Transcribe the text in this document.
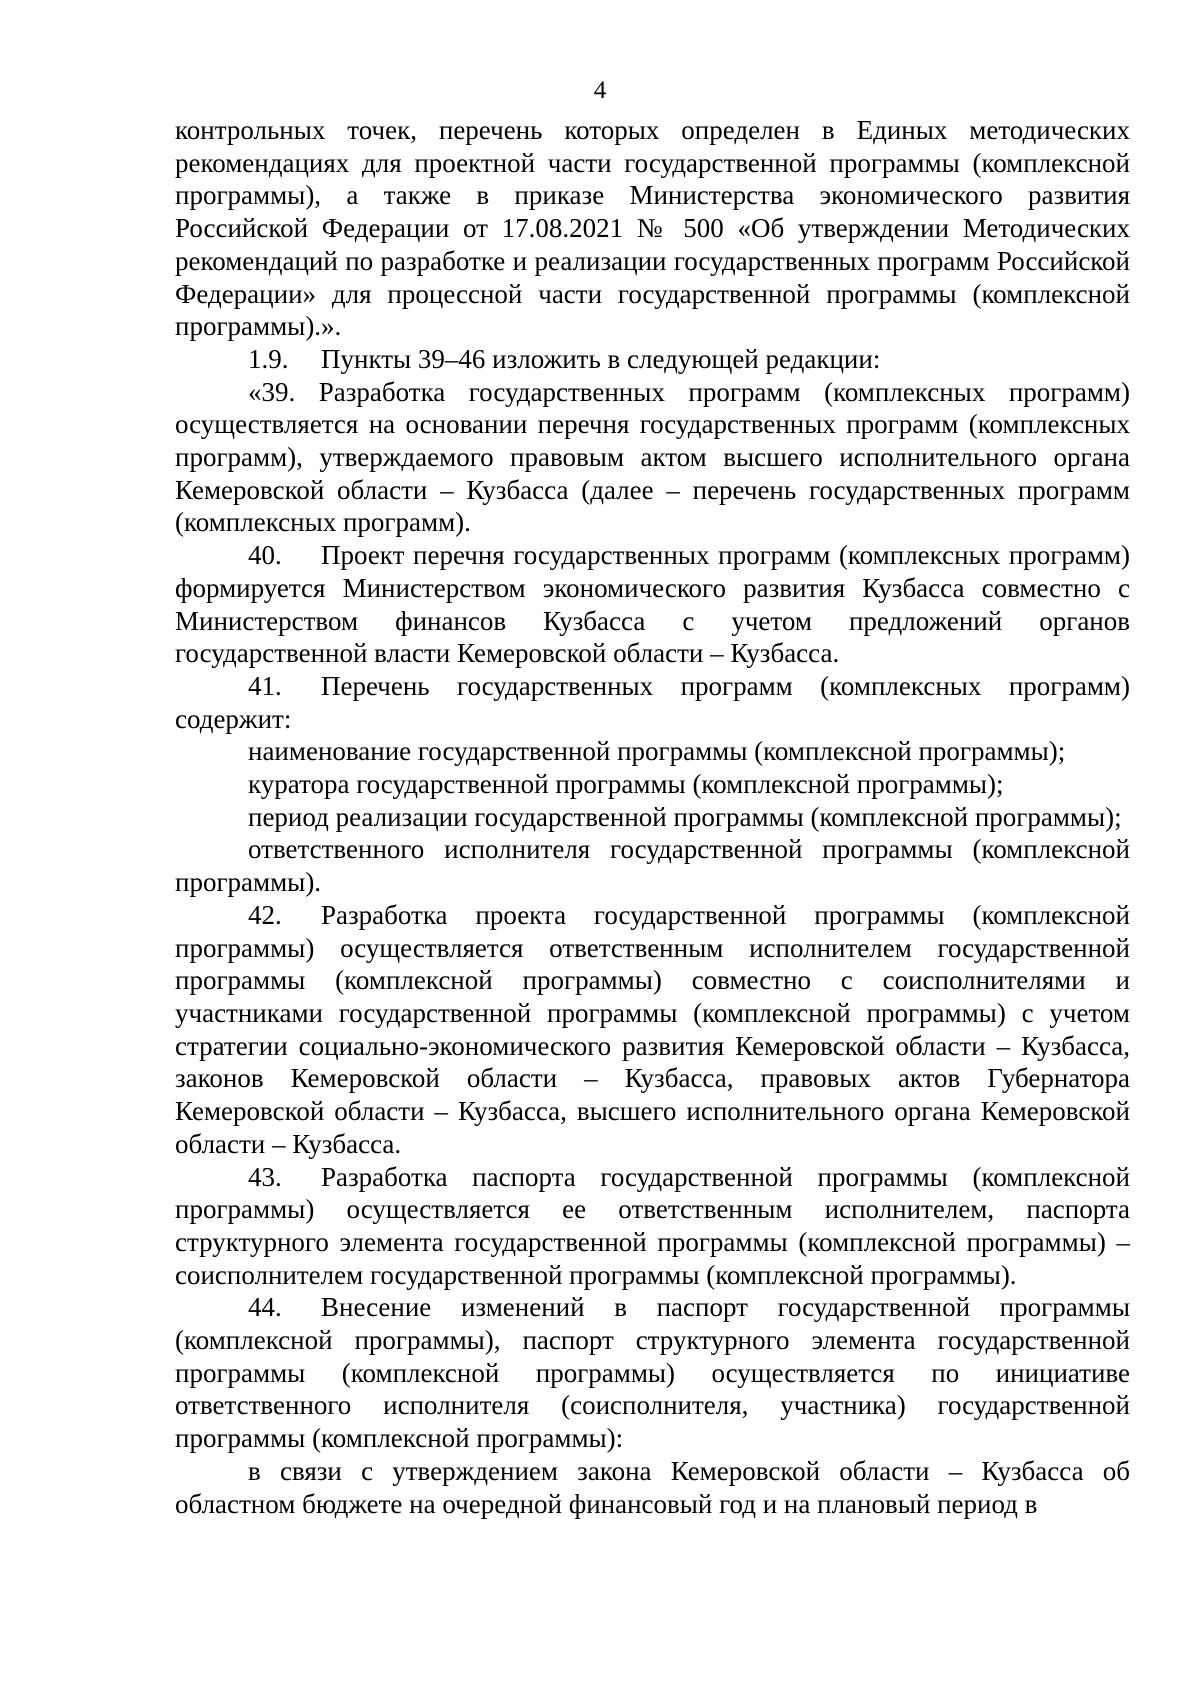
4

контрольных точек, перечень которых определен в Единых методических рекомендациях для проектной части государственной программы (комплексной программы), а также в приказе Министерства экономического развития Российской Федерации от 17.08.2021 № 500 «Об утверждении Методических рекомендаций по разработке и реализации государственных программ Российской Федерации» для процессной части государственной программы (комплексной программы).».

1.9. Пункты 39–46 изложить в следующей редакции:

«39. Разработка государственных программ (комплексных программ) осуществляется на основании перечня государственных программ (комплексных программ), утверждаемого правовым актом высшего исполнительного органа Кемеровской области – Кузбасса (далее – перечень государственных программ (комплексных программ).

40. Проект перечня государственных программ (комплексных программ) формируется Министерством экономического развития Кузбасса совместно с Министерством финансов Кузбасса с учетом предложений органов государственной власти Кемеровской области – Кузбасса.

41. Перечень государственных программ (комплексных программ) содержит:

наименование государственной программы (комплексной программы);

куратора государственной программы (комплексной программы);

период реализации государственной программы (комплексной программы);

ответственного исполнителя государственной программы (комплексной программы).

42. Разработка проекта государственной программы (комплексной программы) осуществляется ответственным исполнителем государственной программы (комплексной программы) совместно с соисполнителями и участниками государственной программы (комплексной программы) с учетом стратегии социально-экономического развития Кемеровской области – Кузбасса, законов Кемеровской области – Кузбасса, правовых актов Губернатора Кемеровской области – Кузбасса, высшего исполнительного органа Кемеровской области – Кузбасса.

43. Разработка паспорта государственной программы (комплексной программы) осуществляется ее ответственным исполнителем, паспорта структурного элемента государственной программы (комплексной программы) – соисполнителем государственной программы (комплексной программы).

44. Внесение изменений в паспорт государственной программы (комплексной программы), паспорт структурного элемента государственной программы (комплексной программы) осуществляется по инициативе ответственного исполнителя (соисполнителя, участника) государственной программы (комплексной программы):

в связи с утверждением закона Кемеровской области – Кузбасса об областном бюджете на очередной финансовый год и на плановый период в
